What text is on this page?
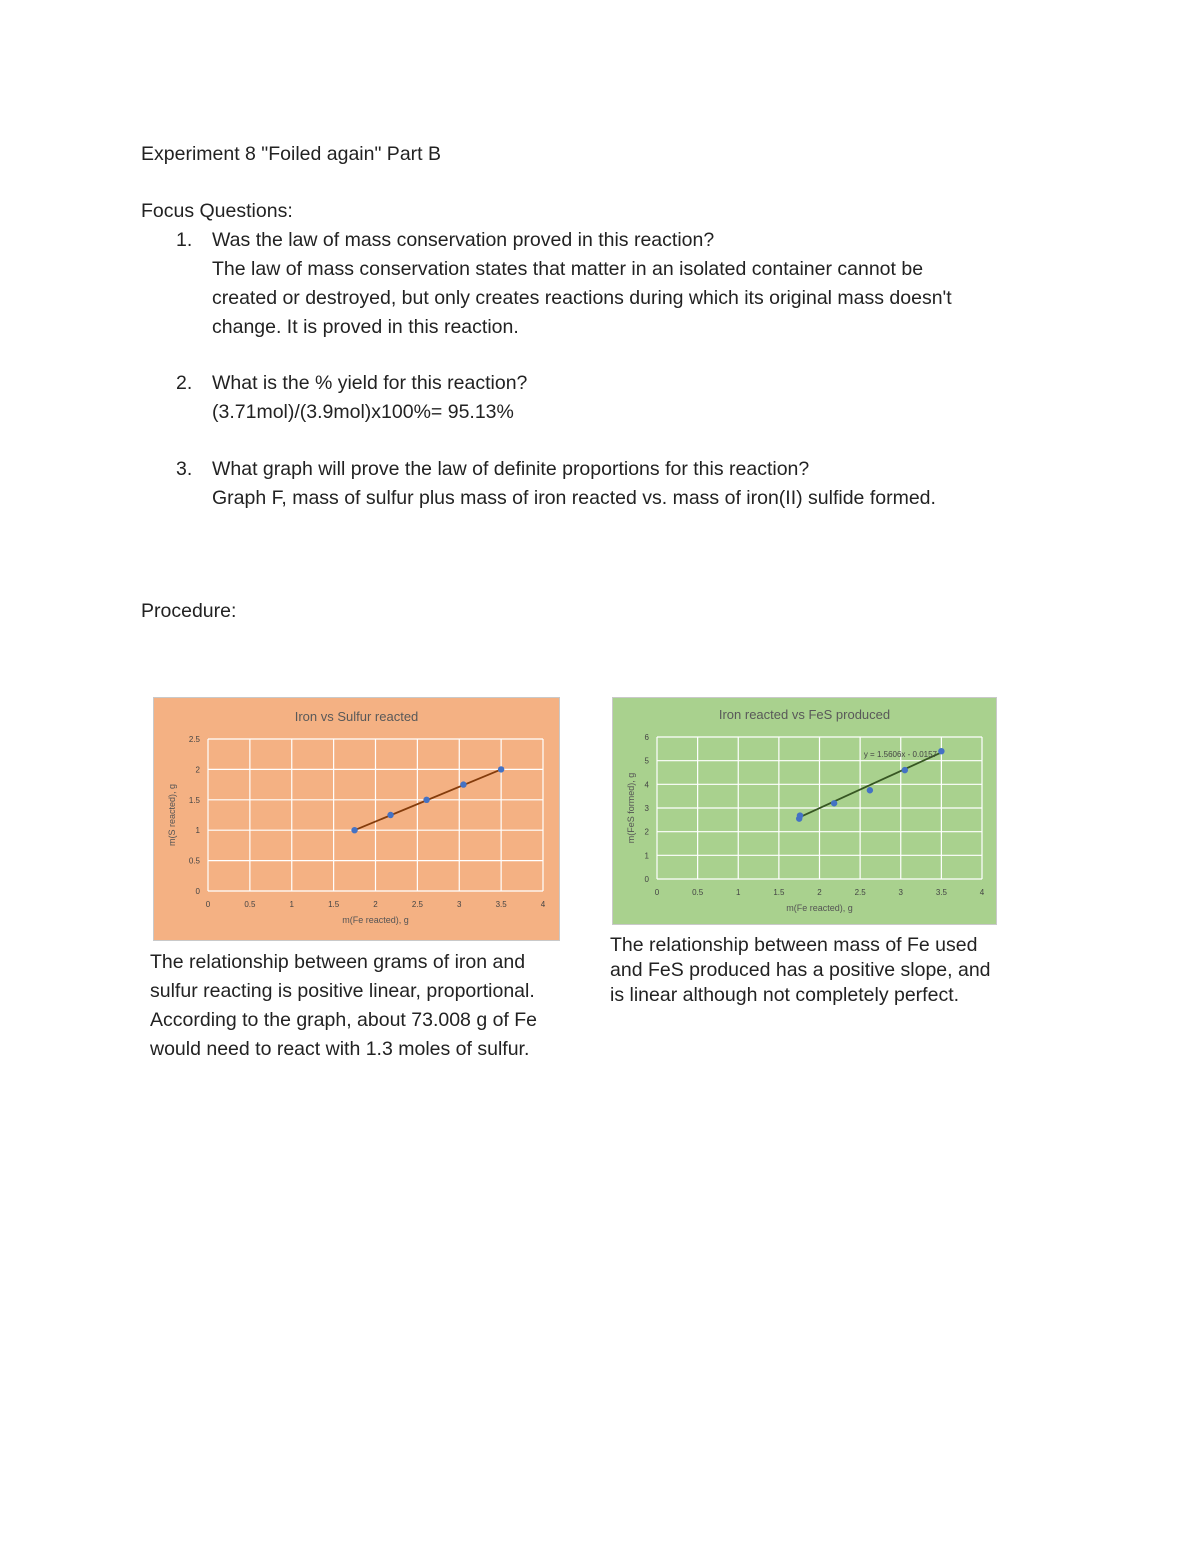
Experiment 8 "Foiled again" Part B
Focus Questions:
1. Was the law of mass conservation proved in this reaction?
The law of mass conservation states that matter in an isolated container cannot be
created or destroyed, but only creates reactions during which its original mass doesn't
change. It is proved in this reaction.
2. What is the % yield for this reaction?
(3.71mol)/(3.9mol)x100%= 95.13%
3. What graph will prove the law of definite proportions for this reaction?
Graph F, mass of sulfur plus mass of iron reacted vs. mass of iron(II) sulfide formed.
Procedure:
0	0.5	1	1.5	2	2.5	3	3.5	4
0
0.5
1
1.5
2
2.5
Iron vs Sulfur reacted
m(Fe reacted), g
m(S reacted), g
0	0.5	1	1.5	2	2.5	3	3.5	4
0
1
2
3
4
5
6
Iron reacted vs FeS produced
m(Fe reacted), g
m(FeS formed), g
y = 1.5606x - 0.0157
The relationship between grams of iron and
sulfur reacting is positive linear, proportional.
According to the graph, about 73.008 g of Fe
would need to react with 1.3 moles of sulfur.
The relationship between mass of Fe used
and FeS produced has a positive slope, and
is linear although not completely perfect.
